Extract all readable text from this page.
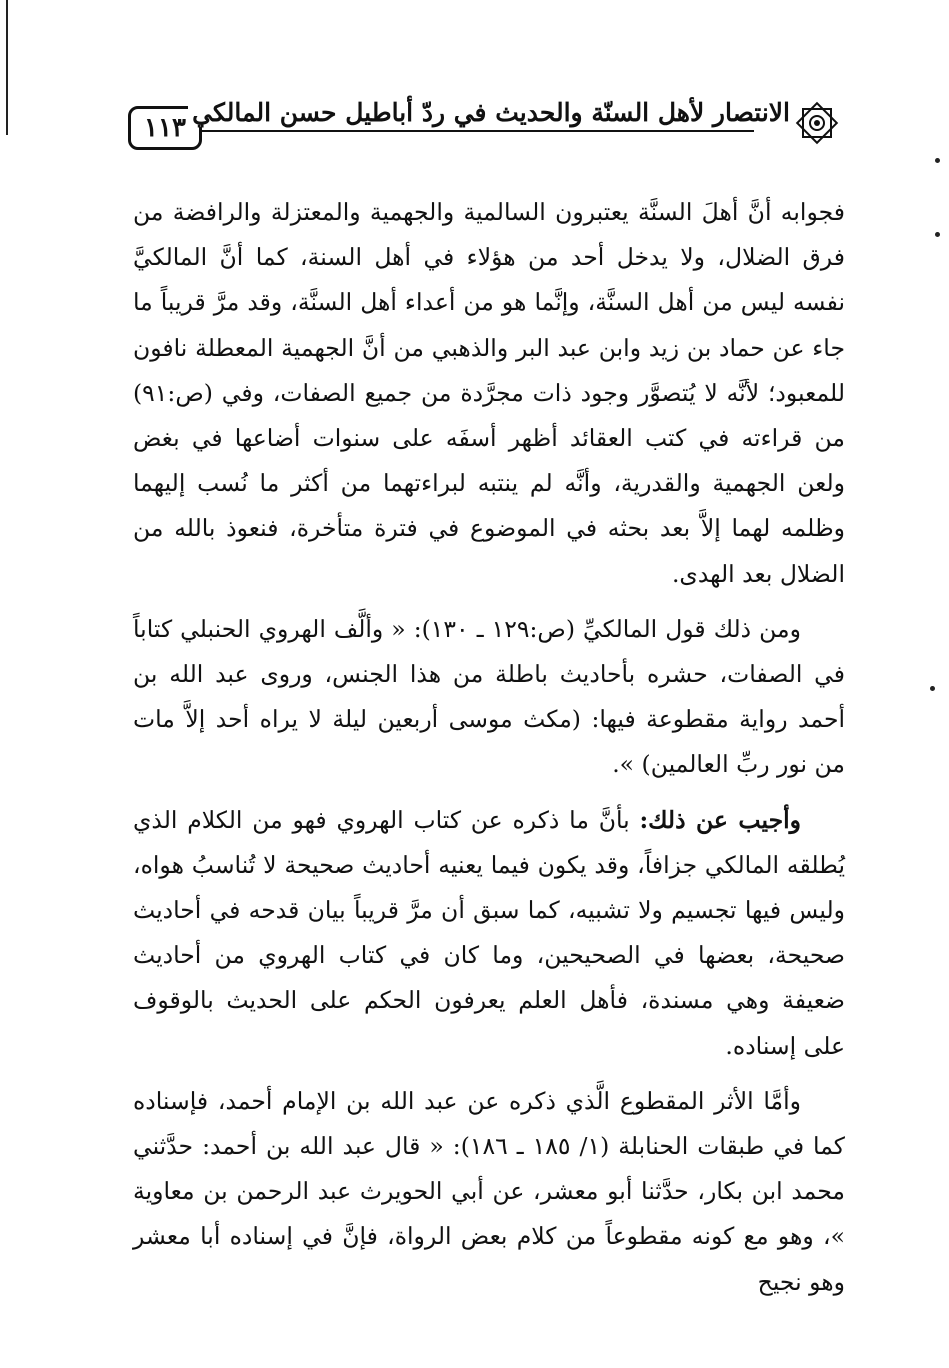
١١٣
الانتصار لأهل السنّة والحديث في ردّ أباطيل حسن المالكي

فجوابه أنَّ أهلَ السنَّة يعتبرون السالمية والجهمية والمعتزلة والرافضة من فرق الضلال، ولا يدخل أحد من هؤلاء في أهل السنة، كما أنَّ المالكيَّ نفسه ليس من أهل السنَّة، وإنَّما هو من أعداء أهل السنَّة، وقد مرَّ قريباً ما جاء عن حماد بن زيد وابن عبد البر والذهبي من أنَّ الجهمية المعطلة نافون للمعبود؛ لأنَّه لا يُتصوَّر وجود ذات مجرَّدة من جميع الصفات، وفي (ص:٩١) من قراءته في كتب العقائد أظهر أسفَه على سنوات أضاعها في بغض ولعن الجهمية والقدرية، وأنَّه لم ينتبه لبراءتهما من أكثر ما نُسب إليهما وظلمه لهما إلاَّ بعد بحثه في الموضوع في فترة متأخرة، فنعوذ بالله من الضلال بعد الهدى.

ومن ذلك قول المالكيِّ (ص:١٢٩ ـ ١٣٠): « وألَّف الهروي الحنبلي كتاباً في الصفات، حشره بأحاديث باطلة من هذا الجنس، وروى عبد الله بن أحمد رواية مقطوعة فيها: (مكث موسى أربعين ليلة لا يراه أحد إلاَّ مات من نور ربِّ العالمين) ».

وأجيب عن ذلك: بأنَّ ما ذكره عن كتاب الهروي فهو من الكلام الذي يُطلقه المالكي جزافاً، وقد يكون فيما يعنيه أحاديث صحيحة لا تُناسبُ هواه، وليس فيها تجسيم ولا تشبيه، كما سبق أن مرَّ قريباً بيان قدحه في أحاديث صحيحة، بعضها في الصحيحين، وما كان في كتاب الهروي من أحاديث ضعيفة وهي مسندة، فأهل العلم يعرفون الحكم على الحديث بالوقوف على إسناده.

وأمَّا الأثر المقطوع الَّذي ذكره عن عبد الله بن الإمام أحمد، فإسناده كما في طبقات الحنابلة (١/ ١٨٥ ـ ١٨٦): « قال عبد الله بن أحمد: حدَّثني محمد ابن بكار، حدَّثنا أبو معشر، عن أبي الحويرث عبد الرحمن بن معاوية »، وهو مع كونه مقطوعاً من كلام بعض الرواة، فإنَّ في إسناده أبا معشر وهو نجيح
